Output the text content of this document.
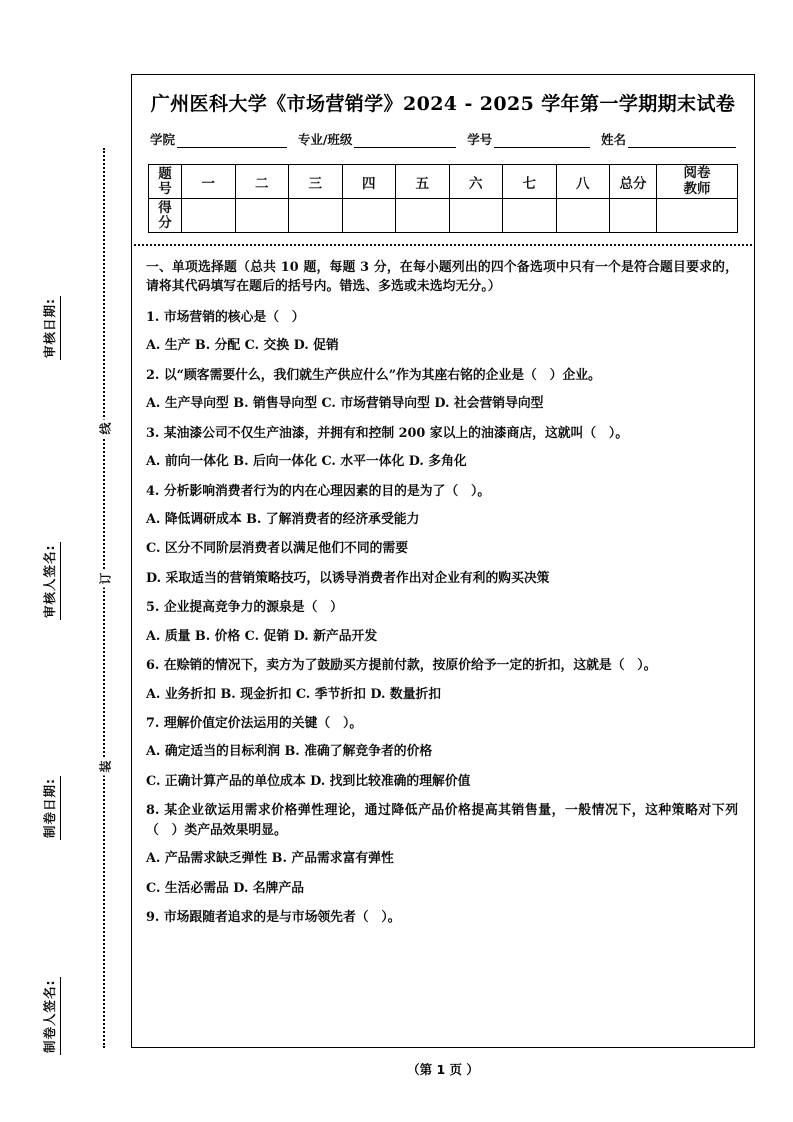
审核日期:
审核人签名:
制卷日期:
制卷人签名:
线
订
装
广州医科大学《市场营销学》2024 - 2025 学年第一学期期末试卷
学院	专业/班级	学号	姓名
题
号	一	二	三	四	五	六	七	八	总分	阅卷
教师

得
分										

一、单项选择题（总共 10 题，每题 3 分，在每小题列出的四个备选项中只有一个是符合题目要求的，请将其代码填写在题后的括号内。错选、多选或未选均无分。）

1. 市场营销的核心是（　）

A. 生产 B. 分配 C. 交换 D. 促销

2. 以“顾客需要什么，我们就生产供应什么”作为其座右铭的企业是（　）企业。

A. 生产导向型 B. 销售导向型 C. 市场营销导向型 D. 社会营销导向型

3. 某油漆公司不仅生产油漆，并拥有和控制 200 家以上的油漆商店，这就叫（　）。

A. 前向一体化 B. 后向一体化 C. 水平一体化 D. 多角化

4. 分析影响消费者行为的内在心理因素的目的是为了（　）。

A. 降低调研成本 B. 了解消费者的经济承受能力

C. 区分不同阶层消费者以满足他们不同的需要

D. 采取适当的营销策略技巧，以诱导消费者作出对企业有利的购买决策

5. 企业提高竞争力的源泉是（　）

A. 质量 B. 价格 C. 促销 D. 新产品开发

6. 在赊销的情况下，卖方为了鼓励买方提前付款，按原价给予一定的折扣，这就是（　）。

A. 业务折扣 B. 现金折扣 C. 季节折扣 D. 数量折扣

7. 理解价值定价法运用的关键（　）。

A. 确定适当的目标利润 B. 准确了解竞争者的价格

C. 正确计算产品的单位成本 D. 找到比较准确的理解价值

8. 某企业欲运用需求价格弹性理论，通过降低产品价格提高其销售量，一般情况下，这种策略对下列（　）类产品效果明显。

A. 产品需求缺乏弹性 B. 产品需求富有弹性

C. 生活必需品 D. 名牌产品

9. 市场跟随者追求的是与市场领先者（　）。

（第 1 页 ）
